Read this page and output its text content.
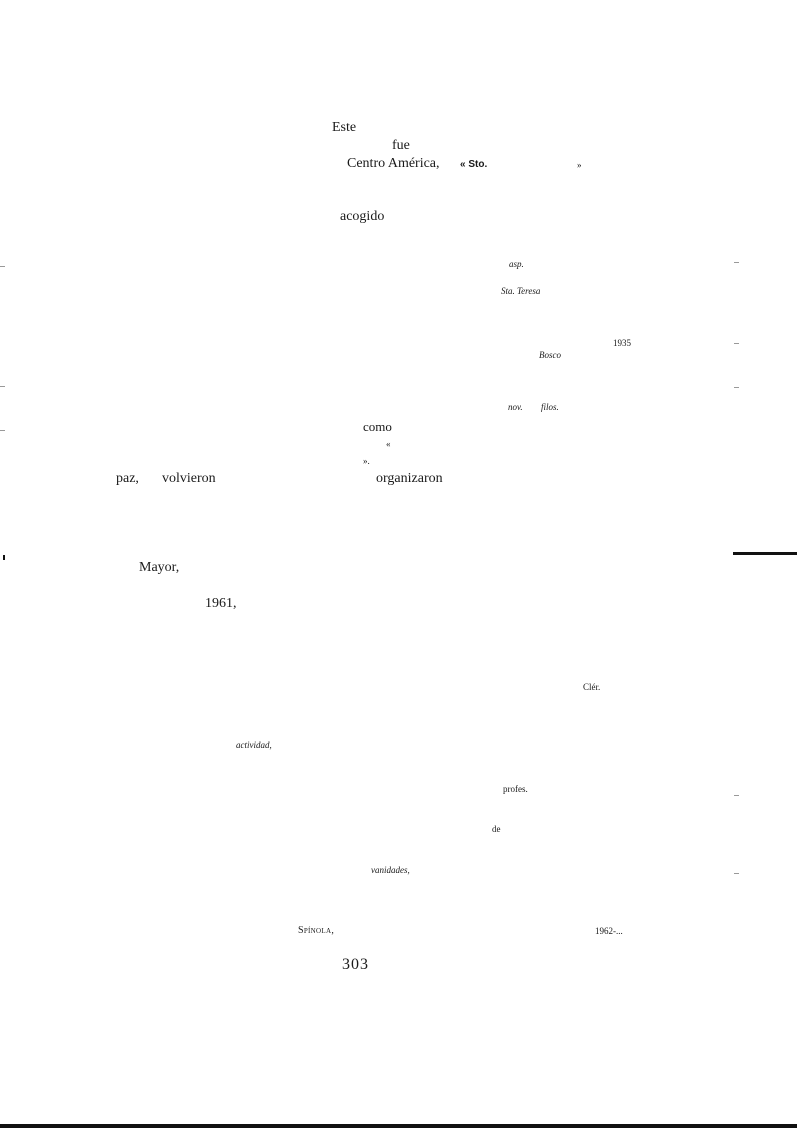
Este
fue
Centro América, « Sto.	»
acogido
asp.
Sta. Teresa
1935
Bosco
nov. filos.
como
«
».
paz, volvieron	organizaron
Mayor,
1961,
Clér.
actividad,
profes.
de
vanidades,
Spínola,	1962-...
303
